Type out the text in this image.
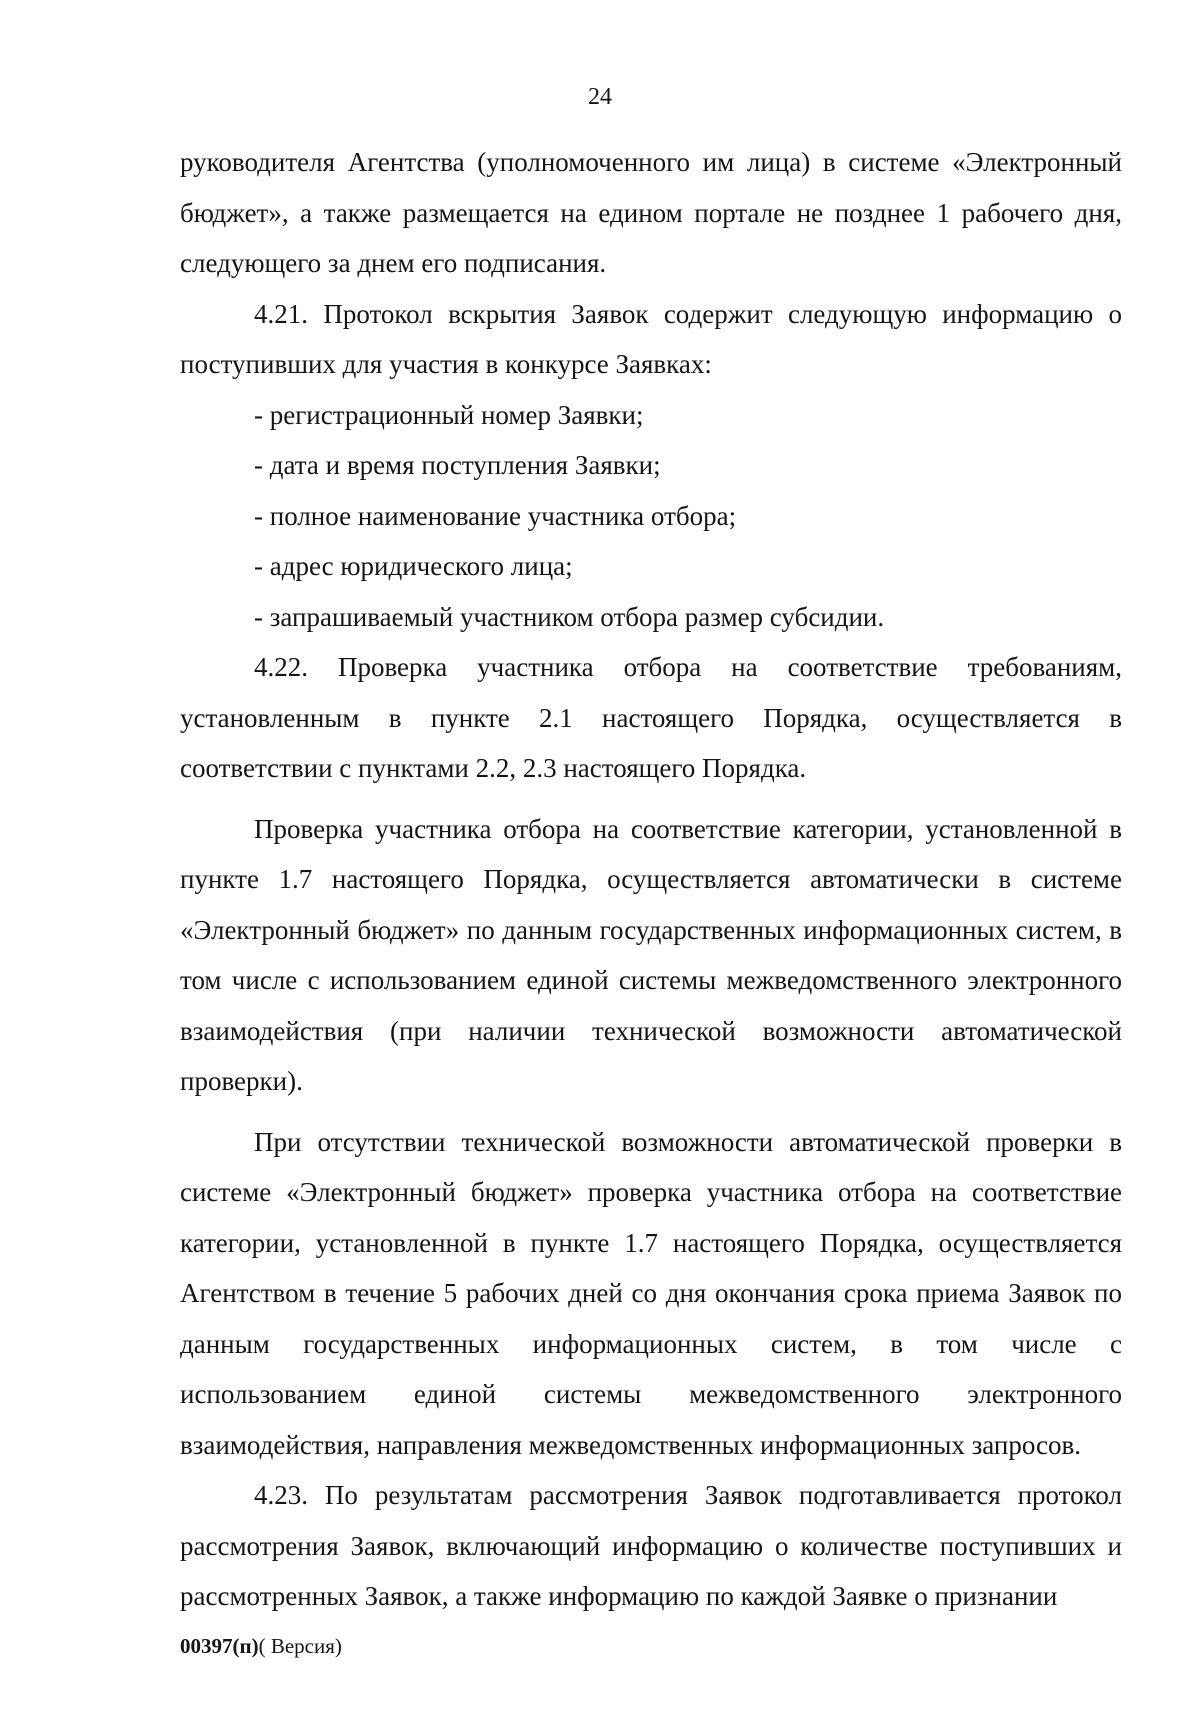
24

руководителя Агентства (уполномоченного им лица) в системе «Электронный бюджет», а также размещается на едином портале не позднее 1 рабочего дня, следующего за днем его подписания.

4.21. Протокол вскрытия Заявок содержит следующую информацию о поступивших для участия в конкурсе Заявках:

- регистрационный номер Заявки;

- дата и время поступления Заявки;

- полное наименование участника отбора;

- адрес юридического лица;

- запрашиваемый участником отбора размер субсидии.

4.22. Проверка участника отбора на соответствие требованиям, установленным в пункте 2.1 настоящего Порядка, осуществляется в соответствии с пунктами 2.2, 2.3 настоящего Порядка.

Проверка участника отбора на соответствие категории, установленной в пункте 1.7 настоящего Порядка, осуществляется автоматически в системе «Электронный бюджет» по данным государственных информационных систем, в том числе с использованием единой системы межведомственного электронного взаимодействия (при наличии технической возможности автоматической проверки).

При отсутствии технической возможности автоматической проверки в системе «Электронный бюджет» проверка участника отбора на соответствие категории, установленной в пункте 1.7 настоящего Порядка, осуществляется Агентством в течение 5 рабочих дней со дня окончания срока приема Заявок по данным государственных информационных систем, в том числе с использованием единой системы межведомственного электронного взаимодействия, направления межведомственных информационных запросов.

4.23. По результатам рассмотрения Заявок подготавливается протокол рассмотрения Заявок, включающий информацию о количестве поступивших и рассмотренных Заявок, а также информацию по каждой Заявке о признании

00397(п)( Версия)
